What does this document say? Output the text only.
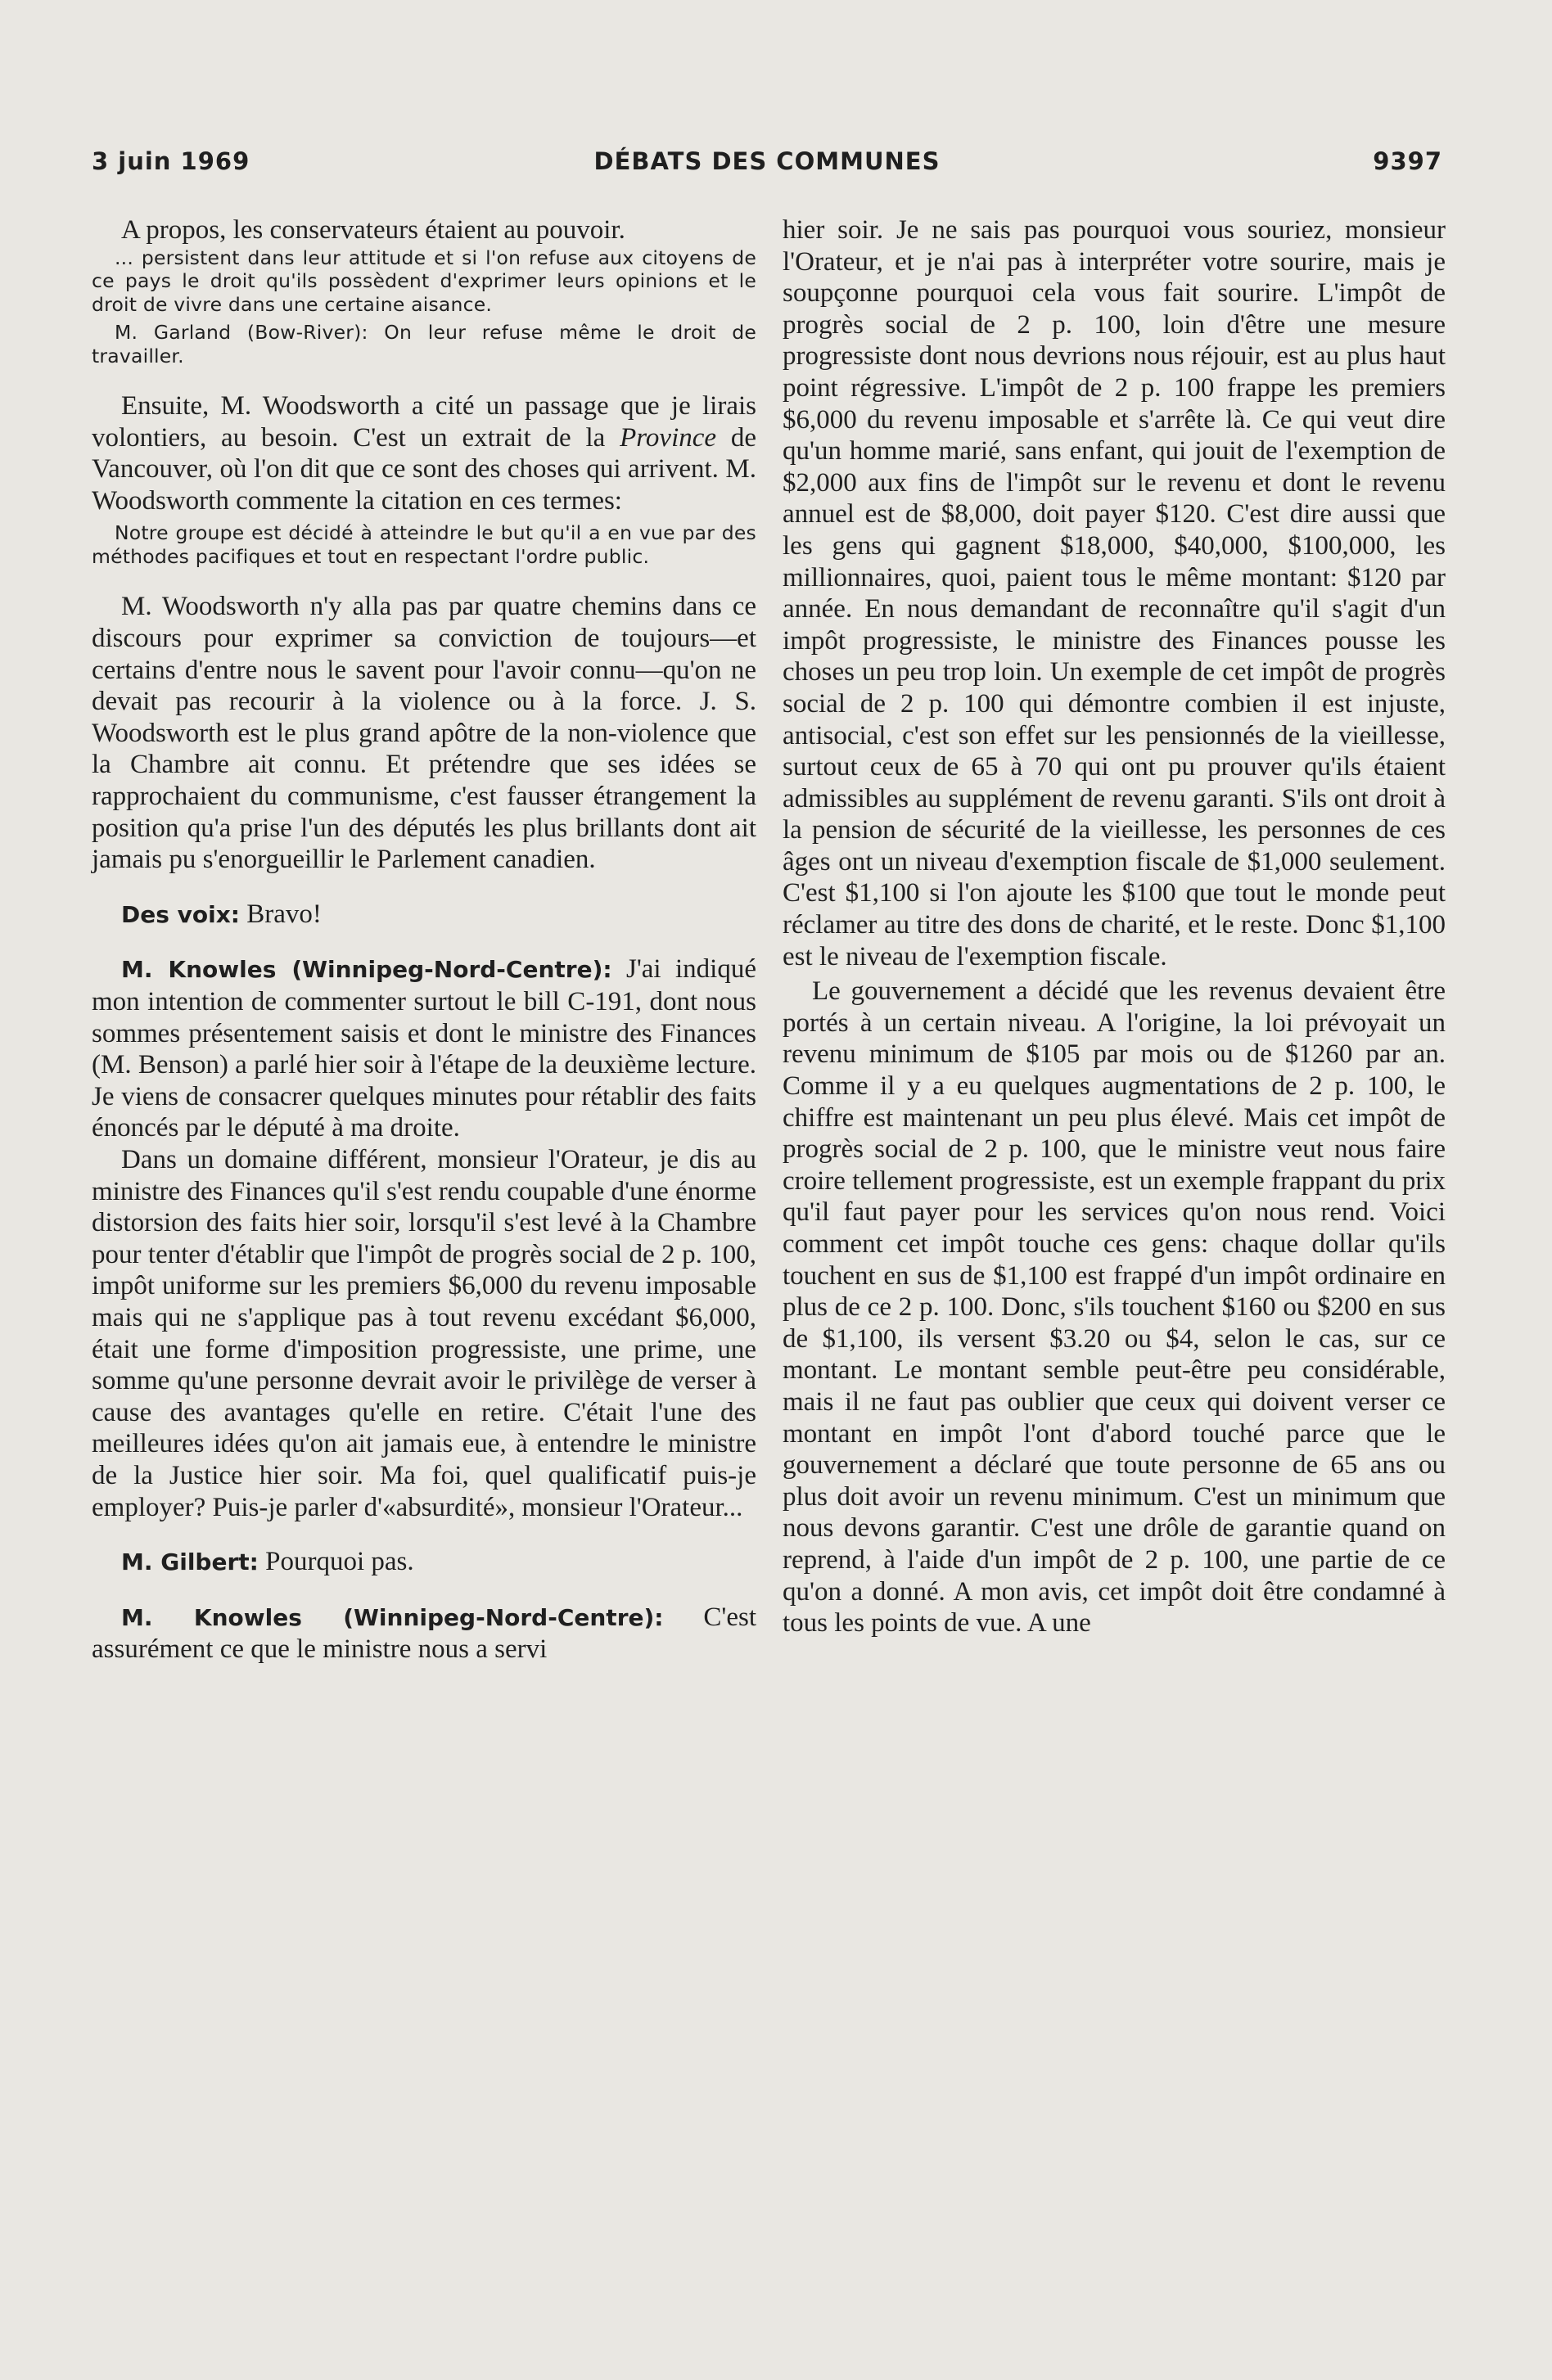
3 juin 1969	DÉBATS DES COMMUNES	9397

A propos, les conservateurs étaient au pouvoir.

... persistent dans leur attitude et si l'on refuse aux citoyens de ce pays le droit qu'ils possèdent d'exprimer leurs opinions et le droit de vivre dans une certaine aisance.

M. Garland (Bow-River): On leur refuse même le droit de travailler.

Ensuite, M. Woodsworth a cité un passage que je lirais volontiers, au besoin. C'est un extrait de la Province de Vancouver, où l'on dit que ce sont des choses qui arrivent. M. Woodsworth commente la citation en ces termes:

Notre groupe est décidé à atteindre le but qu'il a en vue par des méthodes pacifiques et tout en respectant l'ordre public.

M. Woodsworth n'y alla pas par quatre chemins dans ce discours pour exprimer sa conviction de toujours—et certains d'entre nous le savent pour l'avoir connu—qu'on ne devait pas recourir à la violence ou à la force. J. S. Woodsworth est le plus grand apôtre de la non-violence que la Chambre ait connu. Et prétendre que ses idées se rapprochaient du communisme, c'est fausser étrangement la position qu'a prise l'un des députés les plus brillants dont ait jamais pu s'enorgueillir le Parlement canadien.

Des voix: Bravo!

M. Knowles (Winnipeg-Nord-Centre): J'ai indiqué mon intention de commenter surtout le bill C-191, dont nous sommes présentement saisis et dont le ministre des Finances (M. Benson) a parlé hier soir à l'étape de la deuxième lecture. Je viens de consacrer quelques minutes pour rétablir des faits énoncés par le député à ma droite.

Dans un domaine différent, monsieur l'Orateur, je dis au ministre des Finances qu'il s'est rendu coupable d'une énorme distorsion des faits hier soir, lorsqu'il s'est levé à la Chambre pour tenter d'établir que l'impôt de progrès social de 2 p. 100, impôt uniforme sur les premiers $6,000 du revenu imposable mais qui ne s'applique pas à tout revenu excédant $6,000, était une forme d'imposition progressiste, une prime, une somme qu'une personne devrait avoir le privilège de verser à cause des avantages qu'elle en retire. C'était l'une des meilleures idées qu'on ait jamais eue, à entendre le ministre de la Justice hier soir. Ma foi, quel qualificatif puis-je employer? Puis-je parler d'«absurdité», monsieur l'Orateur...

M. Gilbert: Pourquoi pas.

M. Knowles (Winnipeg-Nord-Centre): C'est assurément ce que le ministre nous a servi

hier soir. Je ne sais pas pourquoi vous souriez, monsieur l'Orateur, et je n'ai pas à interpréter votre sourire, mais je soupçonne pourquoi cela vous fait sourire. L'impôt de progrès social de 2 p. 100, loin d'être une mesure progressiste dont nous devrions nous réjouir, est au plus haut point régressive. L'impôt de 2 p. 100 frappe les premiers $6,000 du revenu imposable et s'arrête là. Ce qui veut dire qu'un homme marié, sans enfant, qui jouit de l'exemption de $2,000 aux fins de l'impôt sur le revenu et dont le revenu annuel est de $8,000, doit payer $120. C'est dire aussi que les gens qui gagnent $18,000, $40,000, $100,000, les millionnaires, quoi, paient tous le même montant: $120 par année. En nous demandant de reconnaître qu'il s'agit d'un impôt progressiste, le ministre des Finances pousse les choses un peu trop loin. Un exemple de cet impôt de progrès social de 2 p. 100 qui démontre combien il est injuste, antisocial, c'est son effet sur les pensionnés de la vieillesse, surtout ceux de 65 à 70 qui ont pu prouver qu'ils étaient admissibles au supplément de revenu garanti. S'ils ont droit à la pension de sécurité de la vieillesse, les personnes de ces âges ont un niveau d'exemption fiscale de $1,000 seulement. C'est $1,100 si l'on ajoute les $100 que tout le monde peut réclamer au titre des dons de charité, et le reste. Donc $1,100 est le niveau de l'exemption fiscale.

Le gouvernement a décidé que les revenus devaient être portés à un certain niveau. A l'origine, la loi prévoyait un revenu minimum de $105 par mois ou de $1260 par an. Comme il y a eu quelques augmentations de 2 p. 100, le chiffre est maintenant un peu plus élevé. Mais cet impôt de progrès social de 2 p. 100, que le ministre veut nous faire croire tellement progressiste, est un exemple frappant du prix qu'il faut payer pour les services qu'on nous rend. Voici comment cet impôt touche ces gens: chaque dollar qu'ils touchent en sus de $1,100 est frappé d'un impôt ordinaire en plus de ce 2 p. 100. Donc, s'ils touchent $160 ou $200 en sus de $1,100, ils versent $3.20 ou $4, selon le cas, sur ce montant. Le montant semble peut-être peu considérable, mais il ne faut pas oublier que ceux qui doivent verser ce montant en impôt l'ont d'abord touché parce que le gouvernement a déclaré que toute personne de 65 ans ou plus doit avoir un revenu minimum. C'est un minimum que nous devons garantir. C'est une drôle de garantie quand on reprend, à l'aide d'un impôt de 2 p. 100, une partie de ce qu'on a donné. A mon avis, cet impôt doit être condamné à tous les points de vue. A une
